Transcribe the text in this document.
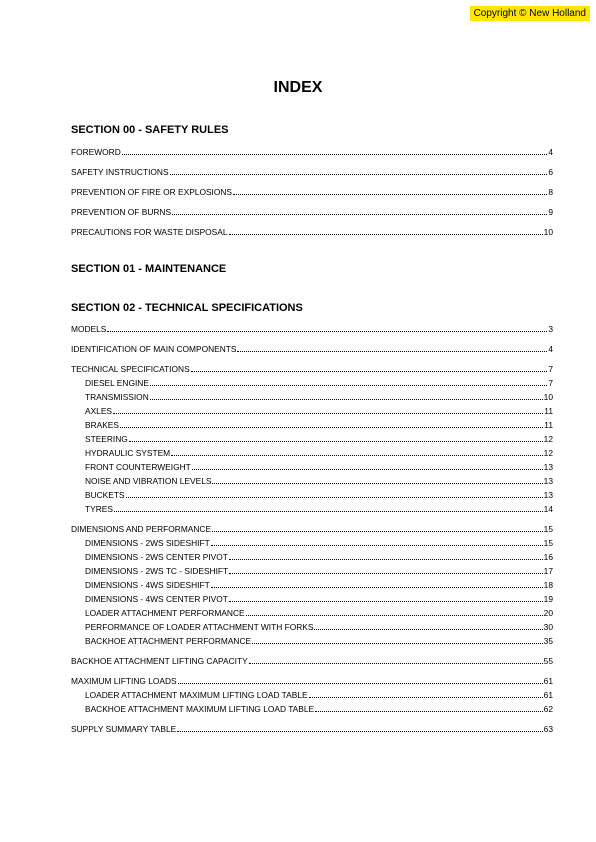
Copyright © New Holland
INDEX
SECTION 00 - SAFETY RULES
FOREWORD	4
SAFETY INSTRUCTIONS	6
PREVENTION OF FIRE OR EXPLOSIONS	8
PREVENTION OF BURNS	9
PRECAUTIONS FOR WASTE DISPOSAL	10
SECTION 01 - MAINTENANCE
SECTION 02 - TECHNICAL SPECIFICATIONS
MODELS	3
IDENTIFICATION OF MAIN COMPONENTS	4
TECHNICAL SPECIFICATIONS	7
DIESEL ENGINE	7
TRANSMISSION	10
AXLES	11
BRAKES	11
STEERING	12
HYDRAULIC SYSTEM	12
FRONT COUNTERWEIGHT	13
NOISE AND VIBRATION LEVELS	13
BUCKETS	13
TYRES	14
DIMENSIONS AND PERFORMANCE	15
DIMENSIONS - 2WS SIDESHIFT	15
DIMENSIONS - 2WS CENTER PIVOT	16
DIMENSIONS - 2WS TC - SIDESHIFT	17
DIMENSIONS - 4WS SIDESHIFT	18
DIMENSIONS - 4WS CENTER PIVOT	19
LOADER ATTACHMENT PERFORMANCE	20
PERFORMANCE OF LOADER ATTACHMENT WITH FORKS	30
BACKHOE ATTACHMENT PERFORMANCE	35
BACKHOE ATTACHMENT LIFTING CAPACITY	55
MAXIMUM LIFTING LOADS	61
LOADER ATTACHMENT MAXIMUM LIFTING LOAD TABLE	61
BACKHOE ATTACHMENT MAXIMUM LIFTING LOAD TABLE	62
SUPPLY SUMMARY TABLE	63
